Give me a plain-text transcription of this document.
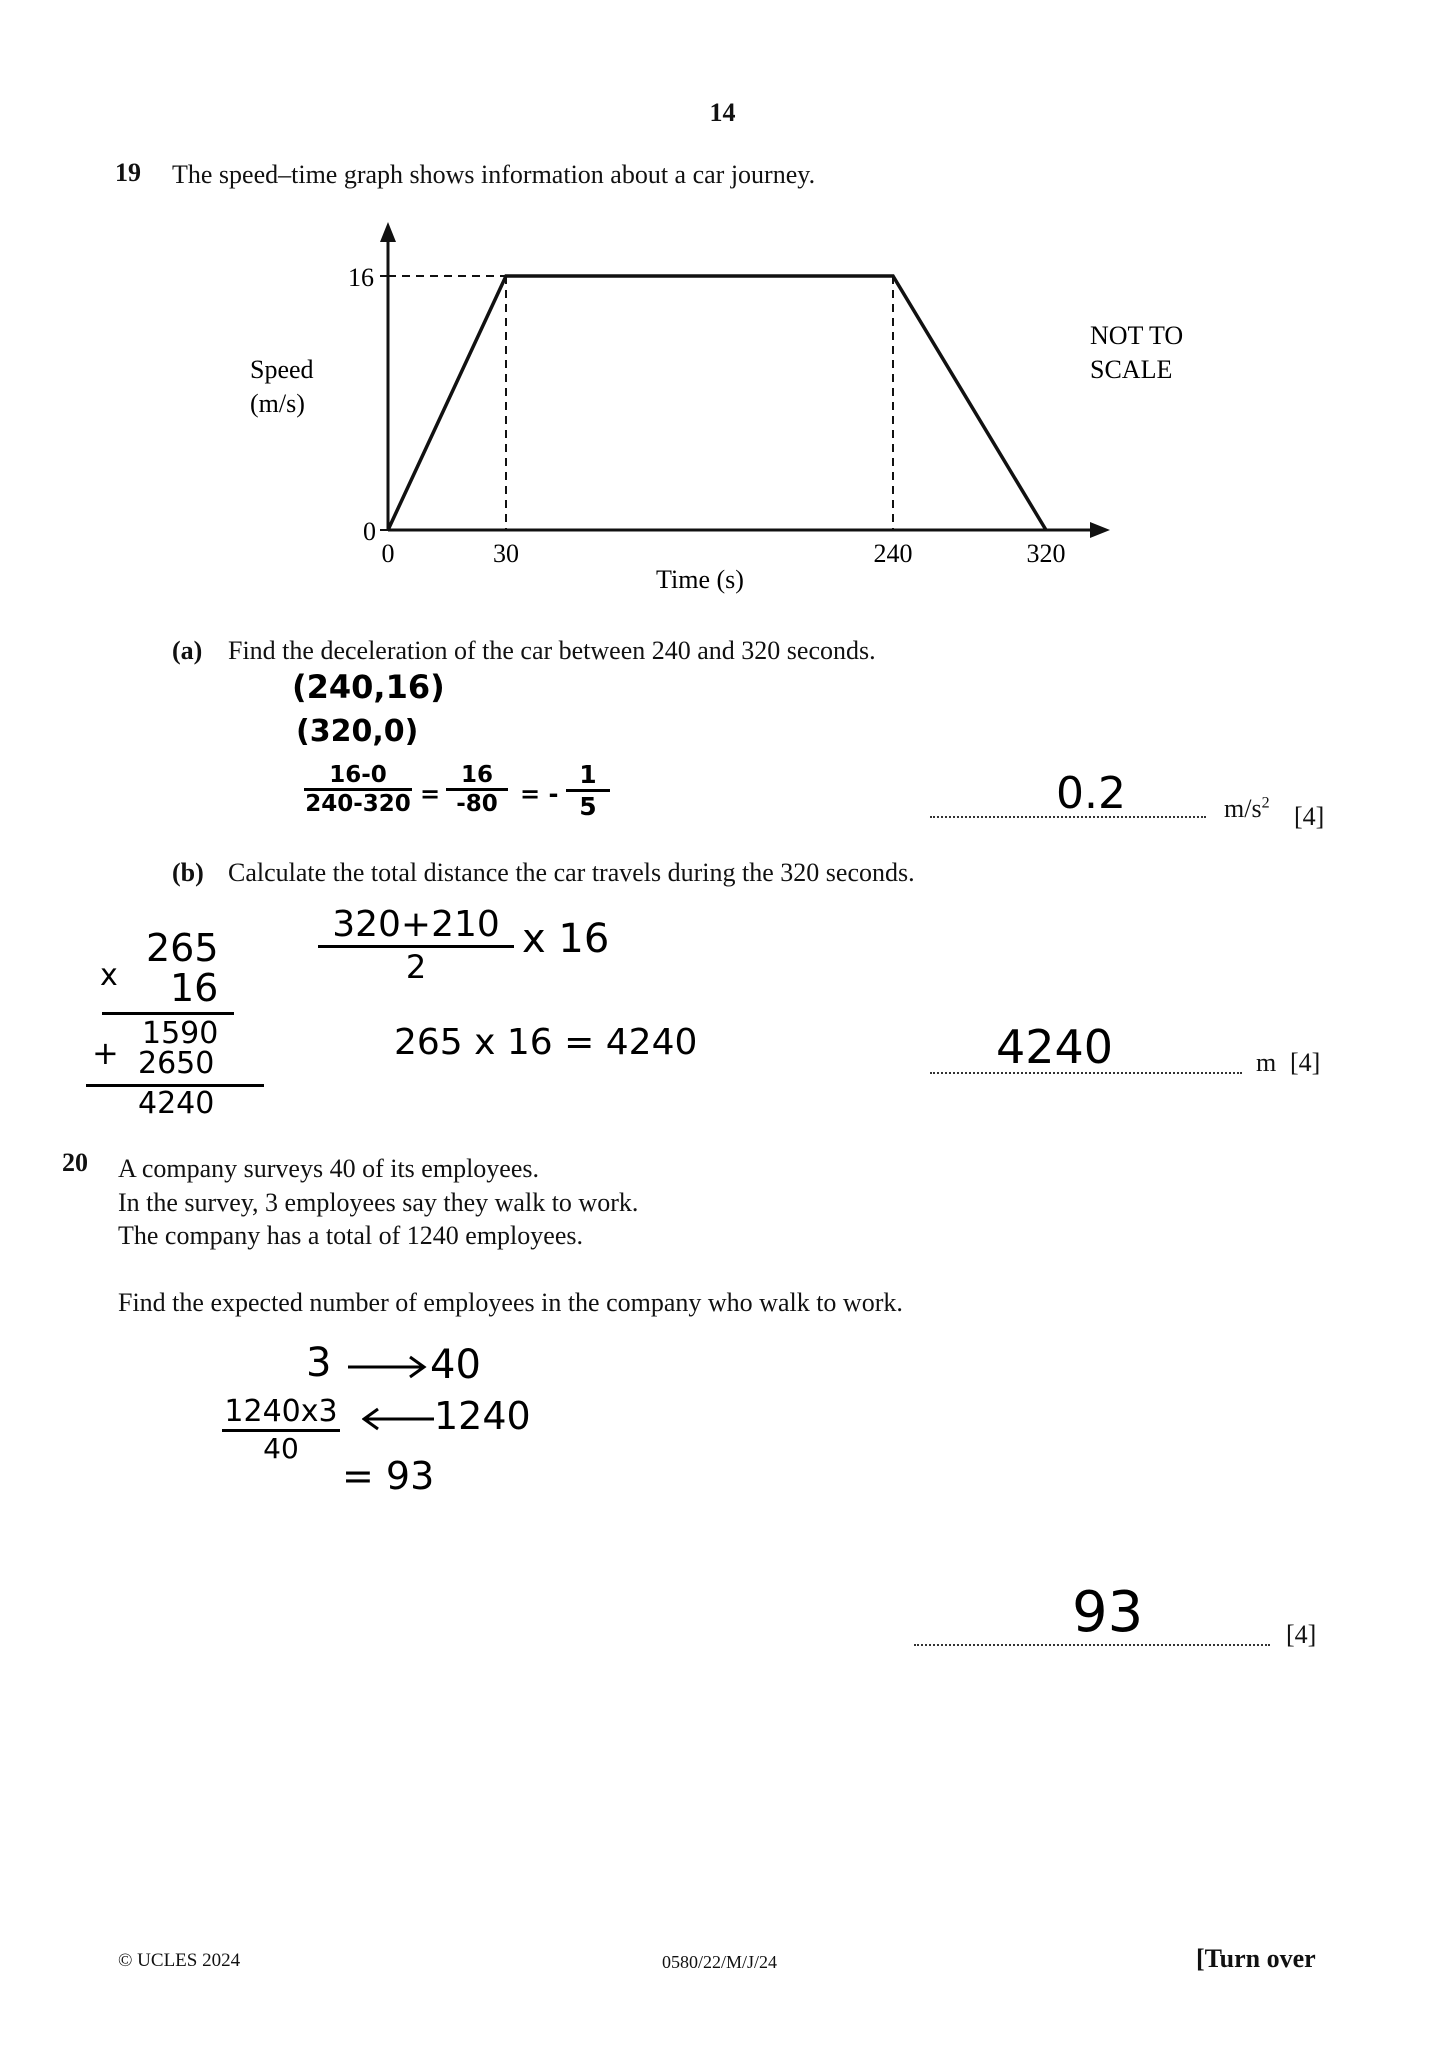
14
19 The speed–time graph shows information about a car journey.
16
0
0	30	240	320
Speed
(m/s)
Time (s)
NOT TO
SCALE
(a) Find the deceleration of the car between 240 and 320 seconds.
(240,16)
(320,0)
16-0
240-320 =
16
-80 = -
1
5	0.2	$m/s^2$ [4]
(b) Calculate the total distance the car travels during the 320 seconds.
265
x 16
1590
+ 2650
4240
320+210
2
x 16
265 x 16 = 4240	4240	m [4]
20 A company surveys 40 of its employees.
In the survey, 3 employees say they walk to work.
The company has a total of 1240 employees.
Find the expected number of employees in the company who walk to work.
3 40
1240x3
40
1240
= 93
93	[4]
© UCLES 2024	0580/22/M/J/24	[Turn over
